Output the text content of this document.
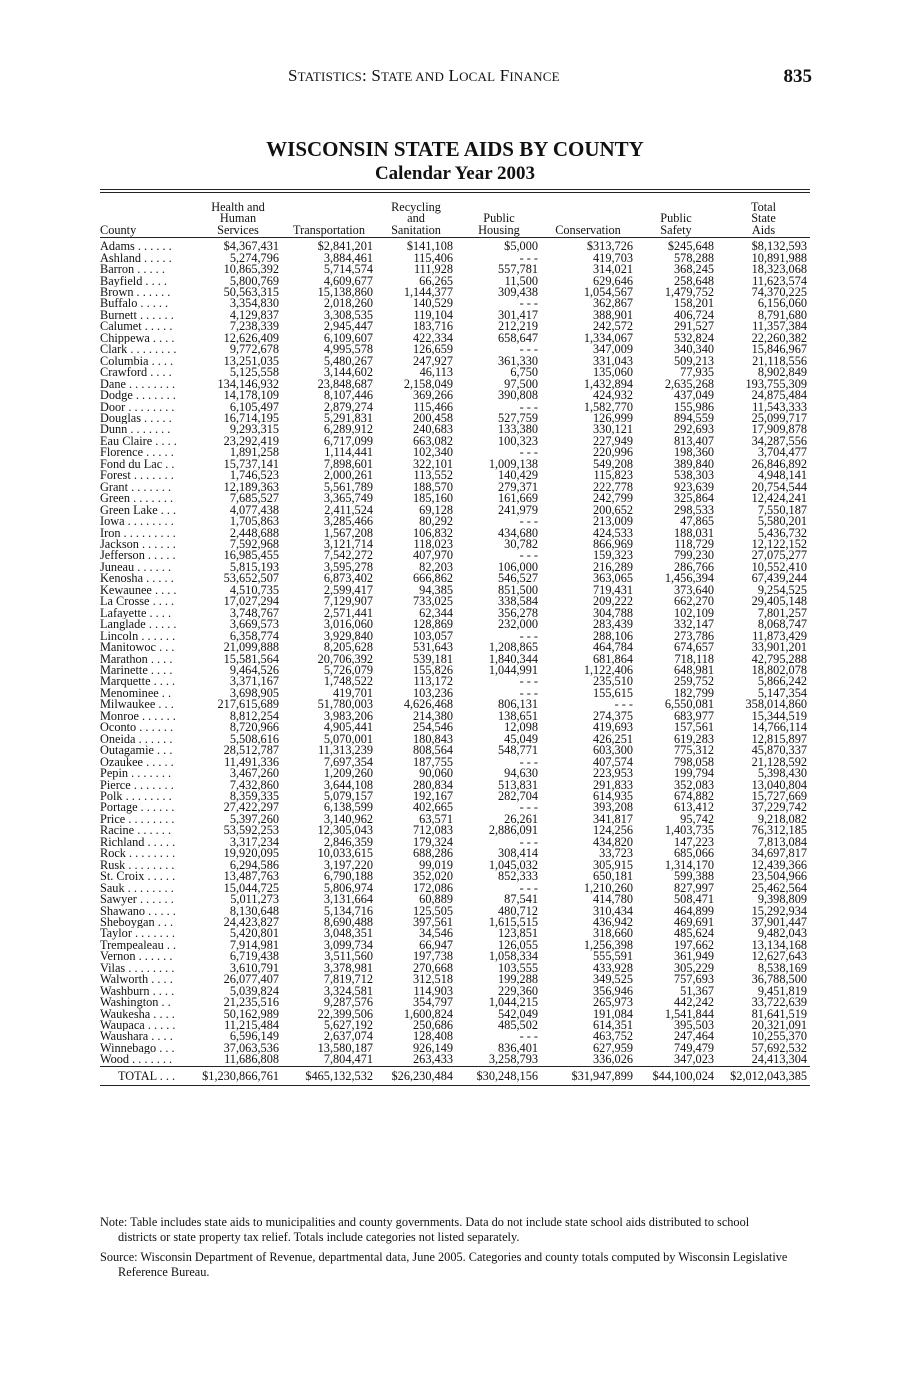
STATISTICS: STATE AND LOCAL FINANCE	835
WISCONSIN STATE AIDS BY COUNTY
Calendar Year 2003
County	Health and
Human
Services	Transportation	Recycling
and
Sanitation	Public
Housing	Conservation	Public
Safety	Total
State
Aids
Adams . . . . . .	$4,367,431	$2,841,201	$141,108	$5,000	$313,726	$245,648	$8,132,593
Ashland . . . . .	5,274,796	3,884,461	115,406	- - -	419,703	578,288	10,891,988
Barron . . . . .	10,865,392	5,714,574	111,928	557,781	314,021	368,245	18,323,068
Bayfield . . . .	5,800,769	4,609,677	66,265	11,500	629,646	258,648	11,623,574
Brown . . . . . .	50,563,315	15,138,860	1,144,377	309,438	1,054,567	1,479,752	74,370,225
Buffalo . . . . .	3,354,830	2,018,260	140,529	- - -	362,867	158,201	6,156,060
Burnett . . . . . .	4,129,837	3,308,535	119,104	301,417	388,901	406,724	8,791,680
Calumet . . . . .	7,238,339	2,945,447	183,716	212,219	242,572	291,527	11,357,384
Chippewa . . . .	12,626,409	6,109,607	422,334	658,647	1,334,067	532,824	22,260,382
Clark . . . . . . . .	9,772,678	4,995,578	126,659	- - -	347,009	340,340	15,846,967
Columbia . . . .	13,251,035	5,480,267	247,927	361,330	331,043	509,213	21,118,556
Crawford . . . .	5,125,558	3,144,602	46,113	6,750	135,060	77,935	8,902,849
Dane . . . . . . . .	134,146,932	23,848,687	2,158,049	97,500	1,432,894	2,635,268	193,755,309
Dodge . . . . . . .	14,178,109	8,107,446	369,266	390,808	424,932	437,049	24,875,484
Door . . . . . . . .	6,105,497	2,879,274	115,466	- - -	1,582,770	155,986	11,543,333
Douglas . . . . .	16,714,195	5,291,831	200,458	527,759	126,999	894,559	25,099,717
Dunn . . . . . . .	9,293,315	6,289,912	240,683	133,380	330,121	292,693	17,909,878
Eau Claire . . . .	23,292,419	6,717,099	663,082	100,323	227,949	813,407	34,287,556
Florence . . . . .	1,891,258	1,114,441	102,340	- - -	220,996	198,360	3,704,477
Fond du Lac . .	15,737,141	7,898,601	322,101	1,009,138	549,208	389,840	26,846,892
Forest . . . . . . .	1,746,523	2,000,261	113,552	140,429	115,823	538,303	4,948,141
Grant . . . . . . .	12,189,363	5,561,789	188,570	279,371	222,778	923,639	20,754,544
Green . . . . . . .	7,685,527	3,365,749	185,160	161,669	242,799	325,864	12,424,241
Green Lake . . .	4,077,438	2,411,524	69,128	241,979	200,652	298,533	7,550,187
Iowa . . . . . . . .	1,705,863	3,285,466	80,292	- - -	213,009	47,865	5,580,201
Iron . . . . . . . . .	2,448,688	1,567,208	106,832	434,680	424,533	188,031	5,436,732
Jackson . . . . . .	7,592,968	3,121,714	118,023	30,782	866,969	118,729	12,122,152
Jefferson . . . . .	16,985,455	7,542,272	407,970	- - -	159,323	799,230	27,075,277
Juneau . . . . . .	5,815,193	3,595,278	82,203	106,000	216,289	286,766	10,552,410
Kenosha . . . . .	53,652,507	6,873,402	666,862	546,527	363,065	1,456,394	67,439,244
Kewaunee . . . .	4,510,735	2,599,417	94,385	851,500	719,431	373,640	9,254,525
La Crosse . . . .	17,027,294	7,129,907	733,025	338,584	209,222	662,270	29,405,148
Lafayette . . . .	3,748,767	2,571,441	62,344	356,278	304,788	102,109	7,801,257
Langlade . . . . .	3,669,573	3,016,060	128,869	232,000	283,439	332,147	8,068,747
Lincoln . . . . . .	6,358,774	3,929,840	103,057	- - -	288,106	273,786	11,873,429
Manitowoc . . .	21,099,888	8,205,628	531,643	1,208,865	464,784	674,657	33,901,201
Marathon . . . .	15,581,564	20,706,392	539,181	1,840,344	681,864	718,118	42,795,288
Marinette . . . .	9,464,526	5,726,079	155,826	1,044,991	1,122,406	648,981	18,802,078
Marquette . . . .	3,371,167	1,748,522	113,172	- - -	235,510	259,752	5,866,242
Menominee . .	3,698,905	419,701	103,236	- - -	155,615	182,799	5,147,354
Milwaukee . . .	217,615,689	51,780,003	4,626,468	806,131	- - -	6,550,081	358,014,860
Monroe . . . . . .	8,812,254	3,983,206	214,380	138,651	274,375	683,977	15,344,519
Oconto . . . . . .	8,720,966	4,905,441	254,546	12,098	419,693	157,561	14,766,114
Oneida . . . . . .	5,508,616	5,070,001	180,843	45,049	426,251	619,283	12,815,897
Outagamie . . .	28,512,787	11,313,239	808,564	548,771	603,300	775,312	45,870,337
Ozaukee . . . . .	11,491,336	7,697,354	187,755	- - -	407,574	798,058	21,128,592
Pepin . . . . . . .	3,467,260	1,209,260	90,060	94,630	223,953	199,794	5,398,430
Pierce . . . . . . .	7,432,860	3,644,108	280,834	513,831	291,833	352,083	13,040,804
Polk . . . . . . . .	8,359,335	5,079,157	192,167	282,704	614,935	674,882	15,727,669
Portage . . . . . .	27,422,297	6,138,599	402,665	- - -	393,208	613,412	37,229,742
Price . . . . . . . .	5,397,260	3,140,962	63,571	26,261	341,817	95,742	9,218,082
Racine . . . . . .	53,592,253	12,305,043	712,083	2,886,091	124,256	1,403,735	76,312,185
Richland . . . . .	3,317,234	2,846,359	179,324	- - -	434,820	147,223	7,813,084
Rock . . . . . . . .	19,920,095	10,033,615	688,286	308,414	33,723	685,066	34,697,817
Rusk . . . . . . . .	6,294,586	3,197,220	99,019	1,045,032	305,915	1,314,170	12,439,366
St. Croix . . . . .	13,487,763	6,790,188	352,020	852,333	650,181	599,388	23,504,966
Sauk . . . . . . . .	15,044,725	5,806,974	172,086	- - -	1,210,260	827,997	25,462,564
Sawyer . . . . . .	5,011,273	3,131,664	60,889	87,541	414,780	508,471	9,398,809
Shawano . . . . .	8,130,648	5,134,716	125,505	480,712	310,434	464,899	15,292,934
Sheboygan . . .	24,423,827	8,690,488	397,561	1,615,515	436,942	469,691	37,901,447
Taylor . . . . . . .	5,420,801	3,048,351	34,546	123,851	318,660	485,624	9,482,043
Trempealeau . .	7,914,981	3,099,734	66,947	126,055	1,256,398	197,662	13,134,168
Vernon . . . . . .	6,719,438	3,511,560	197,738	1,058,334	555,591	361,949	12,627,643
Vilas . . . . . . . .	3,610,791	3,378,981	270,668	103,555	433,928	305,229	8,538,169
Walworth . . . .	26,077,407	7,819,712	312,518	199,288	349,525	757,693	36,788,500
Washburn . . . .	5,039,824	3,324,581	114,903	229,360	356,946	51,367	9,451,819
Washington . .	21,235,516	9,287,576	354,797	1,044,215	265,973	442,242	33,722,639
Waukesha . . . .	50,162,989	22,399,506	1,600,824	542,049	191,084	1,541,844	81,641,519
Waupaca . . . . .	11,215,484	5,627,192	250,686	485,502	614,351	395,503	20,321,091
Waushara . . . .	6,596,149	2,637,074	128,408	- - -	463,752	247,464	10,255,370
Winnebago . . .	37,063,536	13,580,187	926,149	836,401	627,959	749,479	57,692,532
Wood . . . . . . .	11,686,808	7,804,471	263,433	3,258,793	336,026	347,023	24,413,304
TOTAL . . .	$1,230,866,761	$465,132,532	$26,230,484	$30,248,156	$31,947,899	$44,100,024	$2,012,043,385

Note: Table includes state aids to municipalities and county governments. Data do not include state school aids distributed to school
districts or state property tax relief. Totals include categories not listed separately.

Source: Wisconsin Department of Revenue, departmental data, June 2005. Categories and county totals computed by Wisconsin Legislative Reference Bureau.
